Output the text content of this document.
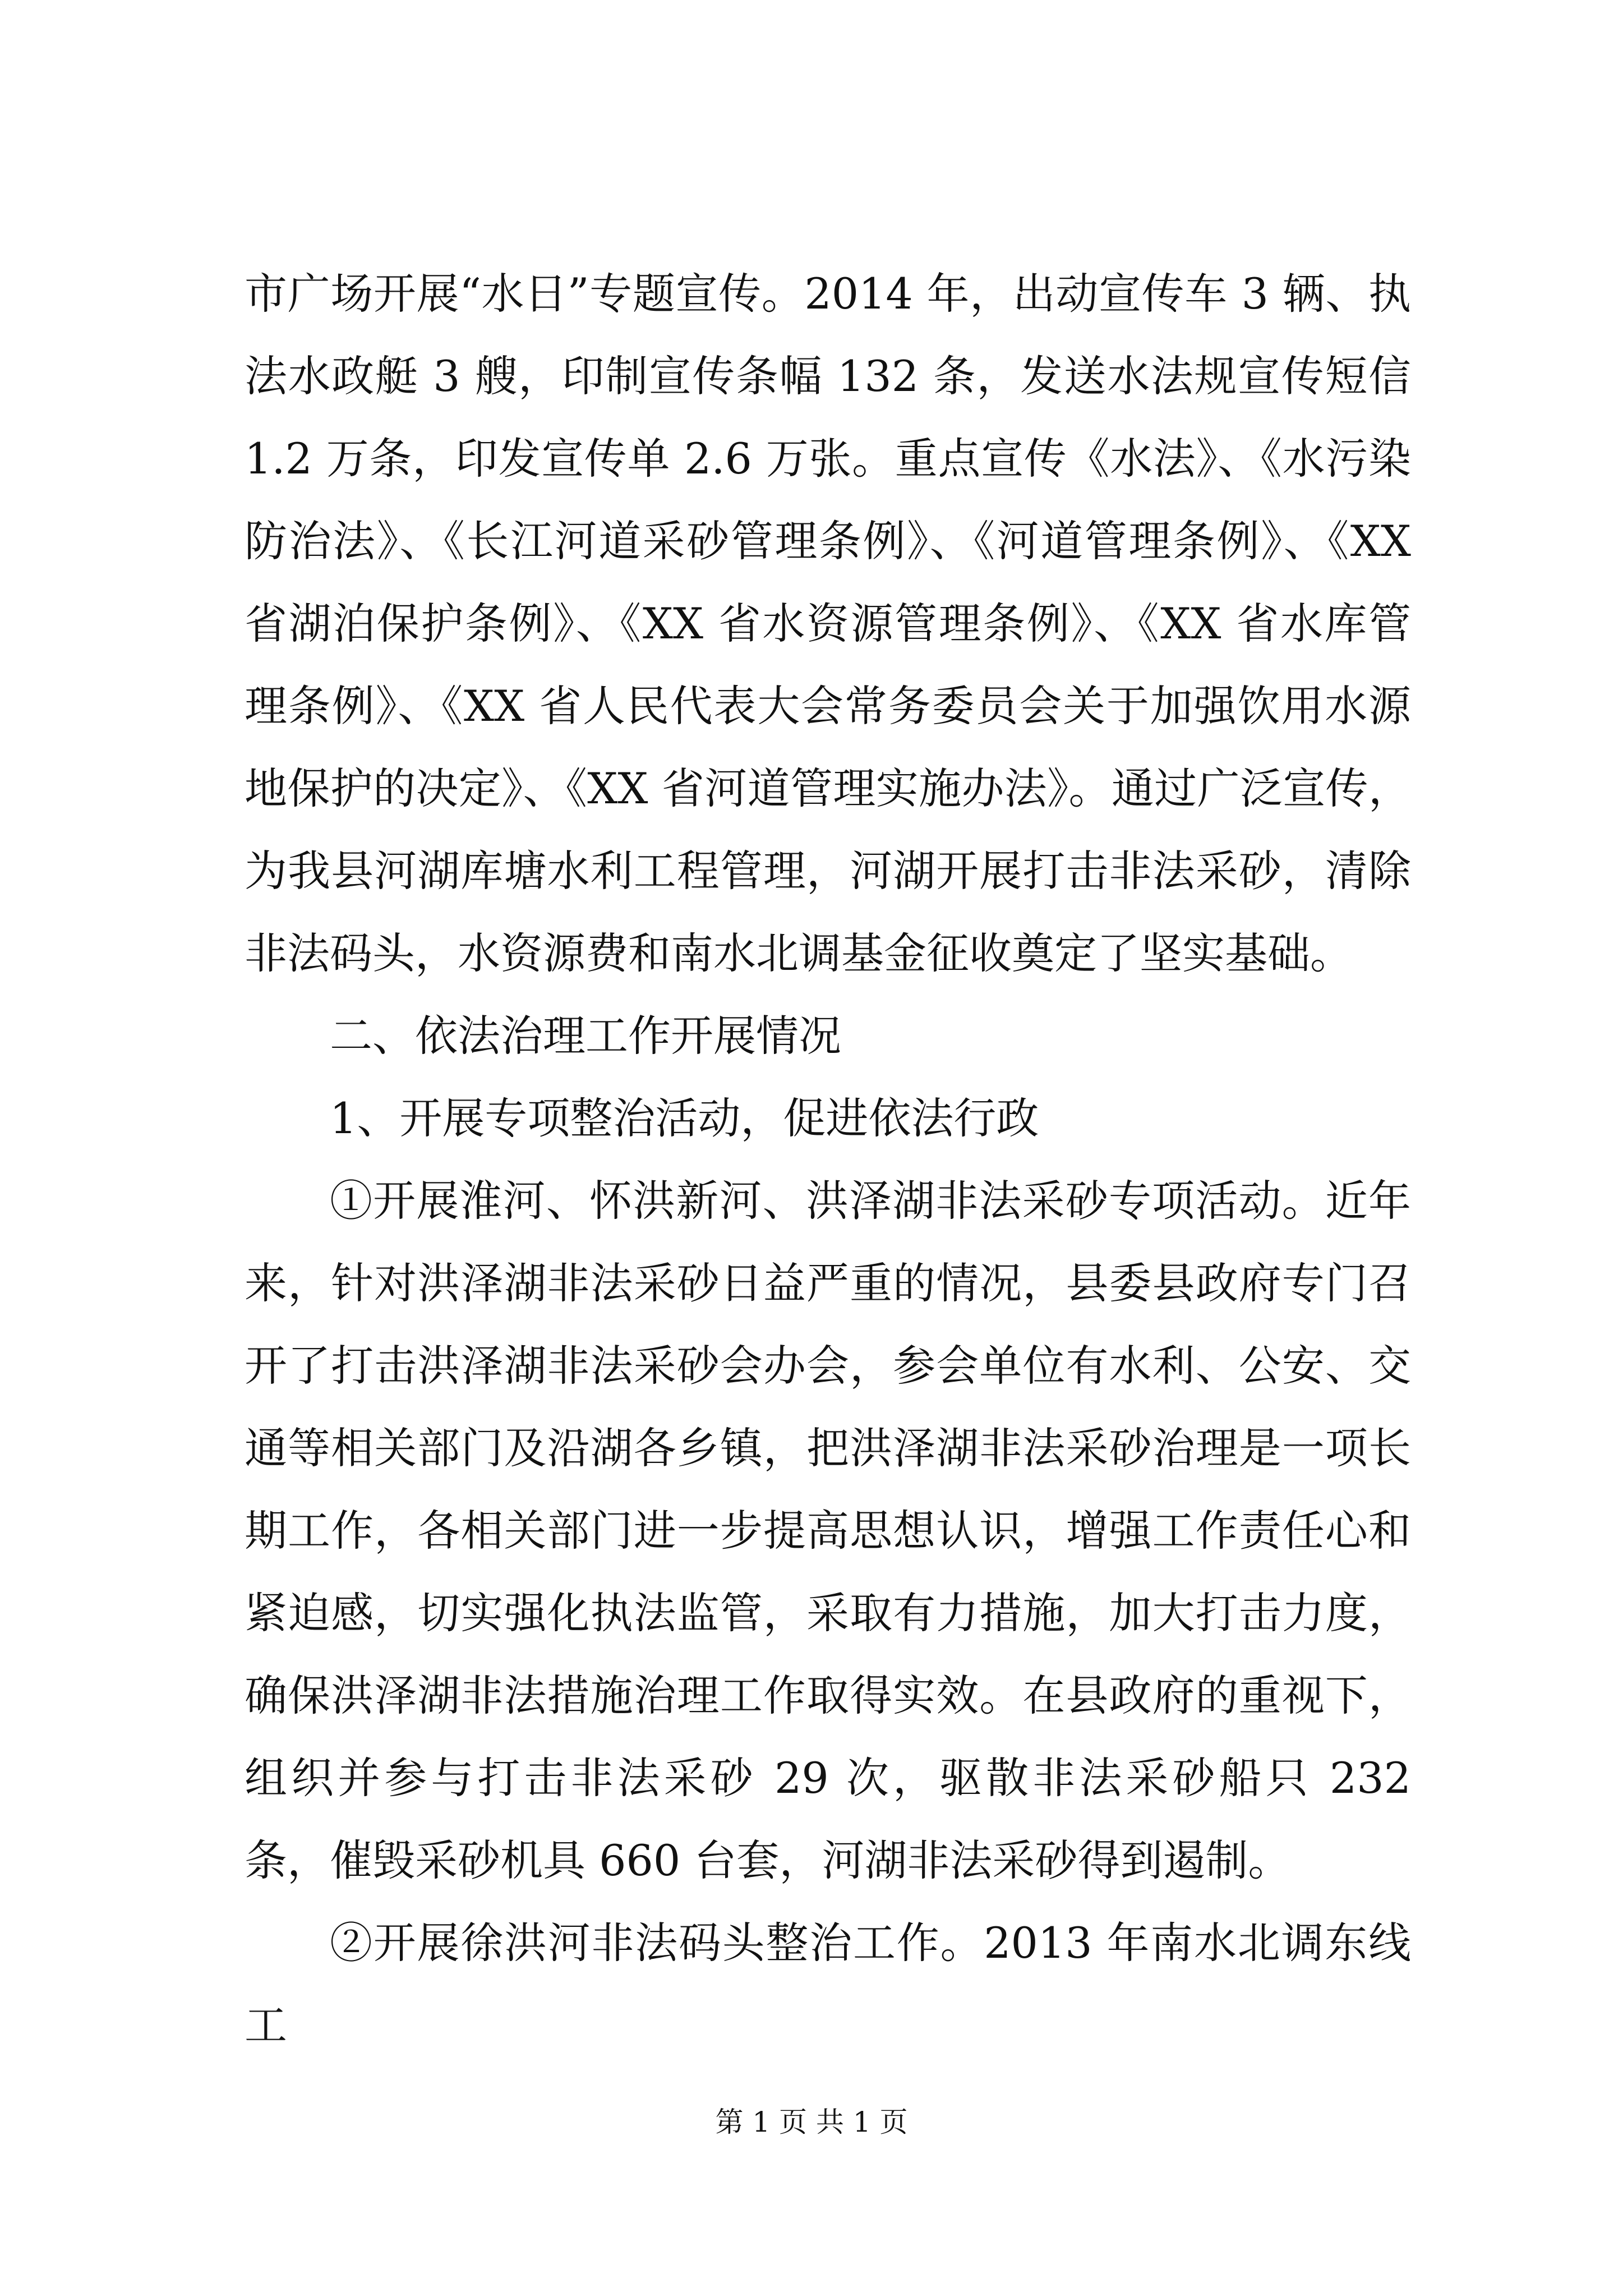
市广场开展“水日”专题宣传。2014 年，出动宣传车 3 辆、执法水政艇 3 艘，印制宣传条幅 132 条，发送水法规宣传短信 1.2 万条，印发宣传单 2.6 万张。重点宣传《水法》、《水污染防治法》、《长江河道采砂管理条例》、《河道管理条例》、《XX 省湖泊保护条例》、《XX 省水资源管理条例》、《XX 省水库管理条例》、《XX 省人民代表大会常务委员会关于加强饮用水源地保护的决定》、《XX 省河道管理实施办法》。通过广泛宣传，为我县河湖库塘水利工程管理，河湖开展打击非法采砂，清除非法码头，水资源费和南水北调基金征收奠定了坚实基础。

二、依法治理工作开展情况

1、开展专项整治活动，促进依法行政

①开展淮河、怀洪新河、洪泽湖非法采砂专项活动。近年来，针对洪泽湖非法采砂日益严重的情况，县委县政府专门召开了打击洪泽湖非法采砂会办会，参会单位有水利、公安、交通等相关部门及沿湖各乡镇，把洪泽湖非法采砂治理是一项长期工作，各相关部门进一步提高思想认识，增强工作责任心和紧迫感，切实强化执法监管，采取有力措施，加大打击力度，确保洪泽湖非法措施治理工作取得实效。在县政府的重视下，组织并参与打击非法采砂 29 次，驱散非法采砂船只 232 条，催毁采砂机具 660 台套，河湖非法采砂得到遏制。

②开展徐洪河非法码头整治工作。2013 年南水北调东线工

第 1 页 共 1 页
